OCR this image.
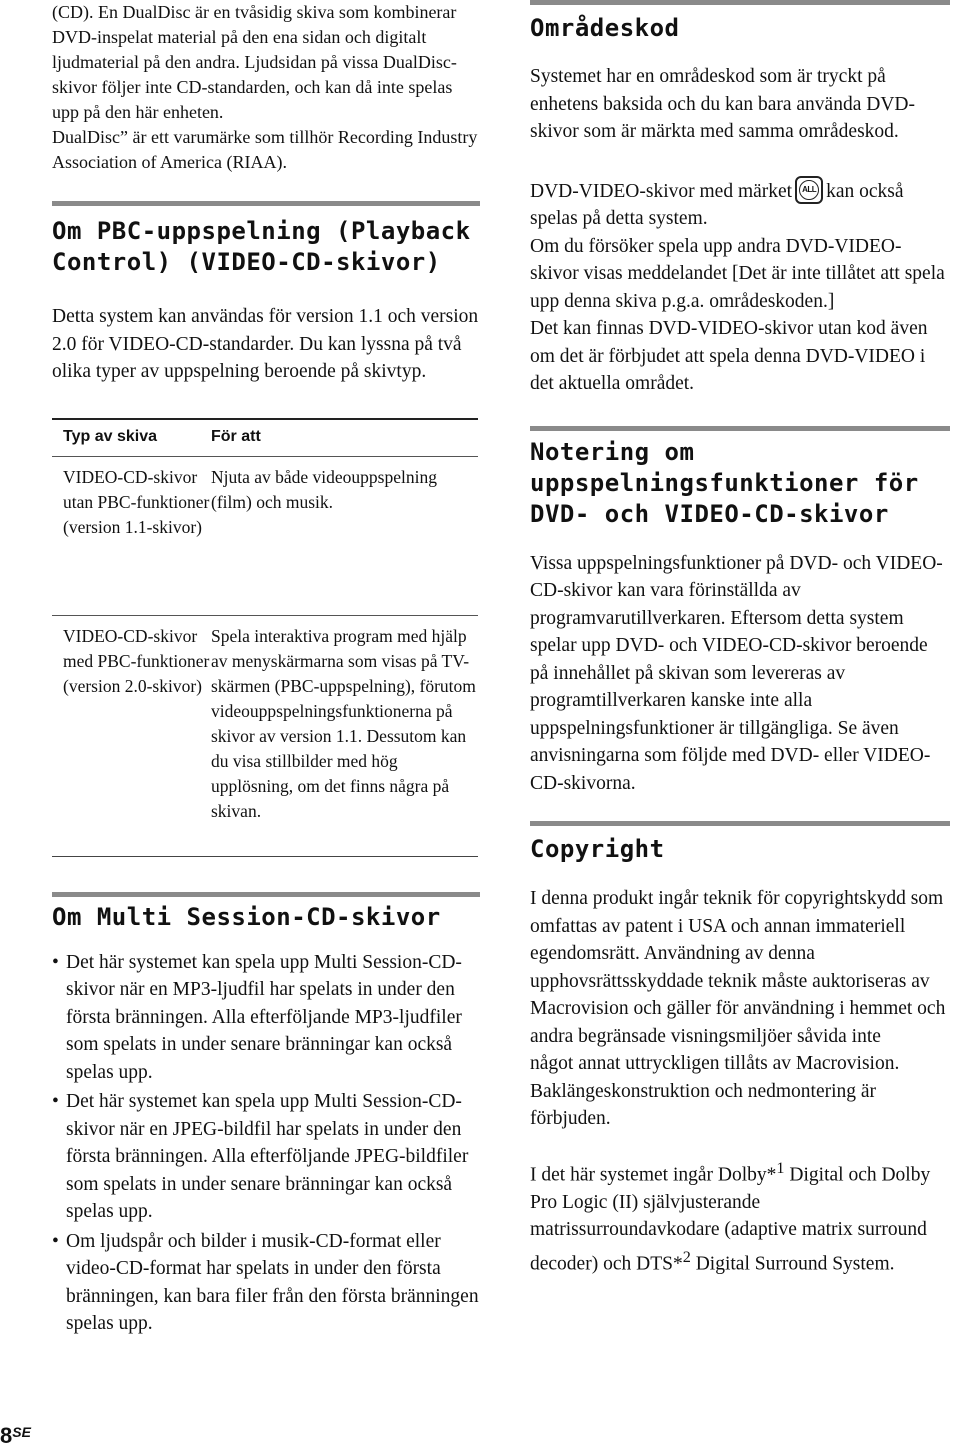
(CD). En DualDisc är en tvåsidig skiva som kombinerar DVD-inspelat material på den ena sidan och digitalt ljudmaterial på den andra. Ljudsidan på vissa DualDisc-skivor följer inte CD-standarden, och kan då inte spelas upp på den här enheten.

DualDisc” är ett varumärke som tillhör Recording Industry Association of America (RIAA).

Om PBC-uppspelning (Playback Control) (VIDEO-CD-skivor)

Detta system kan användas för version 1.1 och version 2.0 för VIDEO-CD-standarder. Du kan lyssna på två olika typer av uppspelning beroende på skivtyp.

Typ av skiva	För att
VIDEO-CD-skivor utan PBC-funktioner (version 1.1-skivor)	Njuta av både videouppspelning (film) och musik.
VIDEO-CD-skivor med PBC-funktioner (version 2.0-skivor)	Spela interaktiva program med hjälp av menyskärmarna som visas på TV-skärmen (PBC-uppspelning), förutom videouppspelningsfunktionerna på skivor av version 1.1. Dessutom kan du visa stillbilder med hög upplösning, om det finns några på skivan.
Om Multi Session-CD-skivor
• Det här systemet kan spela upp Multi Session-CD-skivor när en MP3-ljudfil har spelats in under den första bränningen. Alla efterföljande MP3-ljudfiler som spelats in under senare bränningar kan också spelas upp.
• Det här systemet kan spela upp Multi Session-CD-skivor när en JPEG-bildfil har spelats in under den första bränningen. Alla efterföljande JPEG-bildfiler som spelats in under senare bränningar kan också spelas upp.
• Om ljudspår och bilder i musik-CD-format eller video-CD-format har spelats in under den första bränningen, kan bara filer från den första bränningen spelas upp.
Områdeskod

Systemet har en områdeskod som är tryckt på enhetens baksida och du kan bara använda DVD-skivor som är märkta med samma områdeskod.

DVD-VIDEO-skivor med märket	ALL kan också spelas på detta system.

Om du försöker spela upp andra DVD-VIDEO-skivor visas meddelandet [Det är inte tillåtet att spela upp denna skiva p.g.a. områdeskoden.]

Det kan finnas DVD-VIDEO-skivor utan kod även om det är förbjudet att spela denna DVD-VIDEO i det aktuella området.

Notering om uppspelningsfunktioner för DVD- och VIDEO-CD-skivor

Vissa uppspelningsfunktioner på DVD- och VIDEO-CD-skivor kan vara förinställda av programvarutillverkaren. Eftersom detta system spelar upp DVD- och VIDEO-CD-skivor beroende på innehållet på skivan som levereras av programtillverkaren kanske inte alla uppspelningsfunktioner är tillgängliga. Se även anvisningarna som följde med DVD- eller VIDEO-CD-skivorna.

Copyright

I denna produkt ingår teknik för copyrightskydd som omfattas av patent i USA och annan immateriell egendomsrätt. Användning av denna upphovsrättsskyddade teknik måste auktoriseras av Macrovision och gäller för användning i hemmet och andra begränsade visningsmiljöer såvida inte

något annat uttryckligen tillåts av Macrovision. Baklängeskonstruktion och nedmontering är förbjuden.

I det här systemet ingår Dolby*$^1$ Digital och Dolby Pro Logic (II) självjusterande matrissurroundavkodare (adaptive matrix surround decoder) och DTS*$^2$ Digital Surround System.

8SE
